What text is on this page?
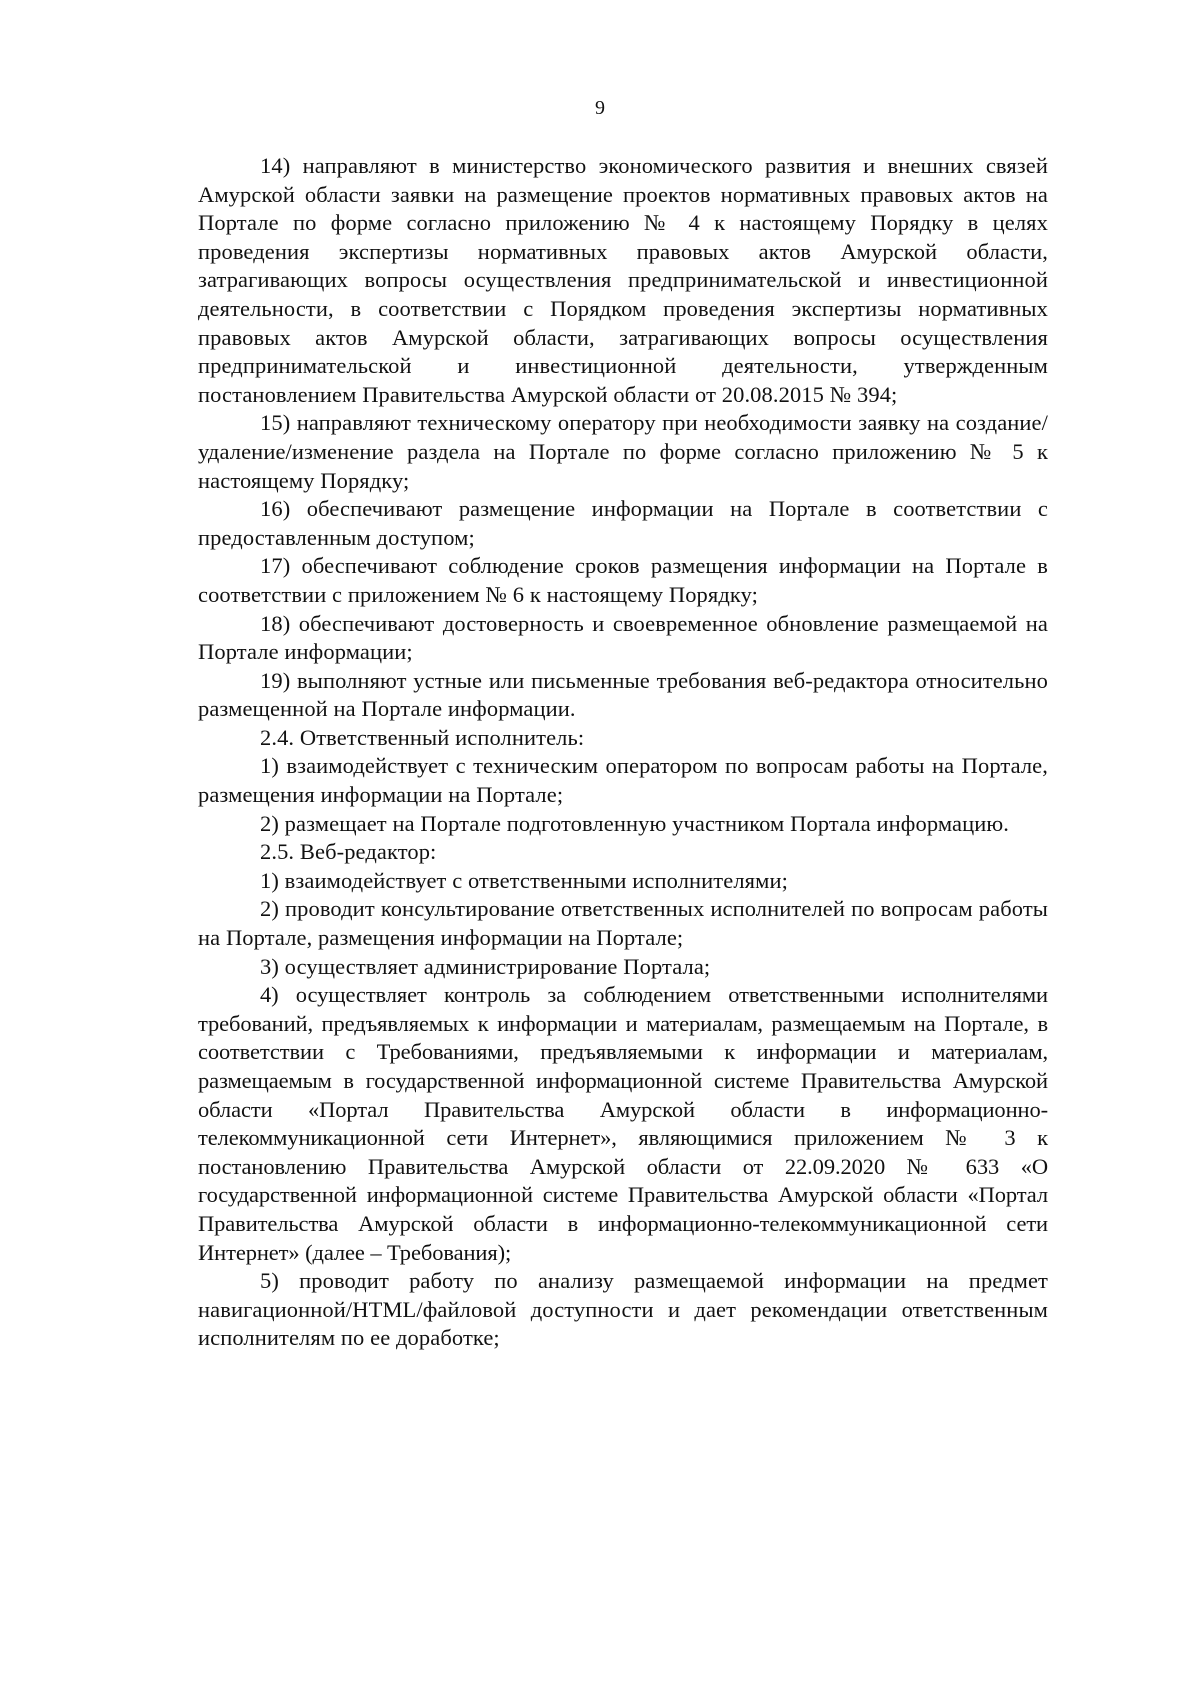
9

14) направляют в министерство экономического развития и внешних связей Амурской области заявки на размещение проектов нормативных правовых актов на Портале по форме согласно приложению № 4 к настоящему Порядку в целях проведения экспертизы нормативных правовых актов Амурской области, затрагивающих вопросы осуществления предпринимательской и инвестиционной деятельности, в соответствии с Порядком проведения экспертизы нормативных правовых актов Амурской области, затрагивающих вопросы осуществления предпринимательской и инвестиционной деятельности, утвержденным постановлением Правительства Амурской области от 20.08.2015 № 394;

15) направляют техническому оператору при необходимости заявку на создание/удаление/изменение раздела на Портале по форме согласно приложению № 5 к настоящему Порядку;

16) обеспечивают размещение информации на Портале в соответствии с предоставленным доступом;

17) обеспечивают соблюдение сроков размещения информации на Портале в соответствии с приложением № 6 к настоящему Порядку;

18) обеспечивают достоверность и своевременное обновление размещаемой на Портале информации;

19) выполняют устные или письменные требования веб-редактора относительно размещенной на Портале информации.

2.4. Ответственный исполнитель:

1) взаимодействует с техническим оператором по вопросам работы на Портале, размещения информации на Портале;

2) размещает на Портале подготовленную участником Портала информацию.

2.5. Веб-редактор:

1) взаимодействует с ответственными исполнителями;

2) проводит консультирование ответственных исполнителей по вопросам работы на Портале, размещения информации на Портале;

3) осуществляет администрирование Портала;

4) осуществляет контроль за соблюдением ответственными исполнителями требований, предъявляемых к информации и материалам, размещаемым на Портале, в соответствии с Требованиями, предъявляемыми к информации и материалам, размещаемым в государственной информационной системе Правительства Амурской области «Портал Правительства Амурской области в информационно-телекоммуникационной сети Интернет», являющимися приложением № 3 к постановлению Правительства Амурской области от 22.09.2020 № 633 «О государственной информационной системе Правительства Амурской области «Портал Правительства Амурской области в информационно-телекоммуникационной сети Интернет» (далее – Требования);

5) проводит работу по анализу размещаемой информации на предмет навигационной/HTML/файловой доступности и дает рекомендации ответственным исполнителям по ее доработке;
